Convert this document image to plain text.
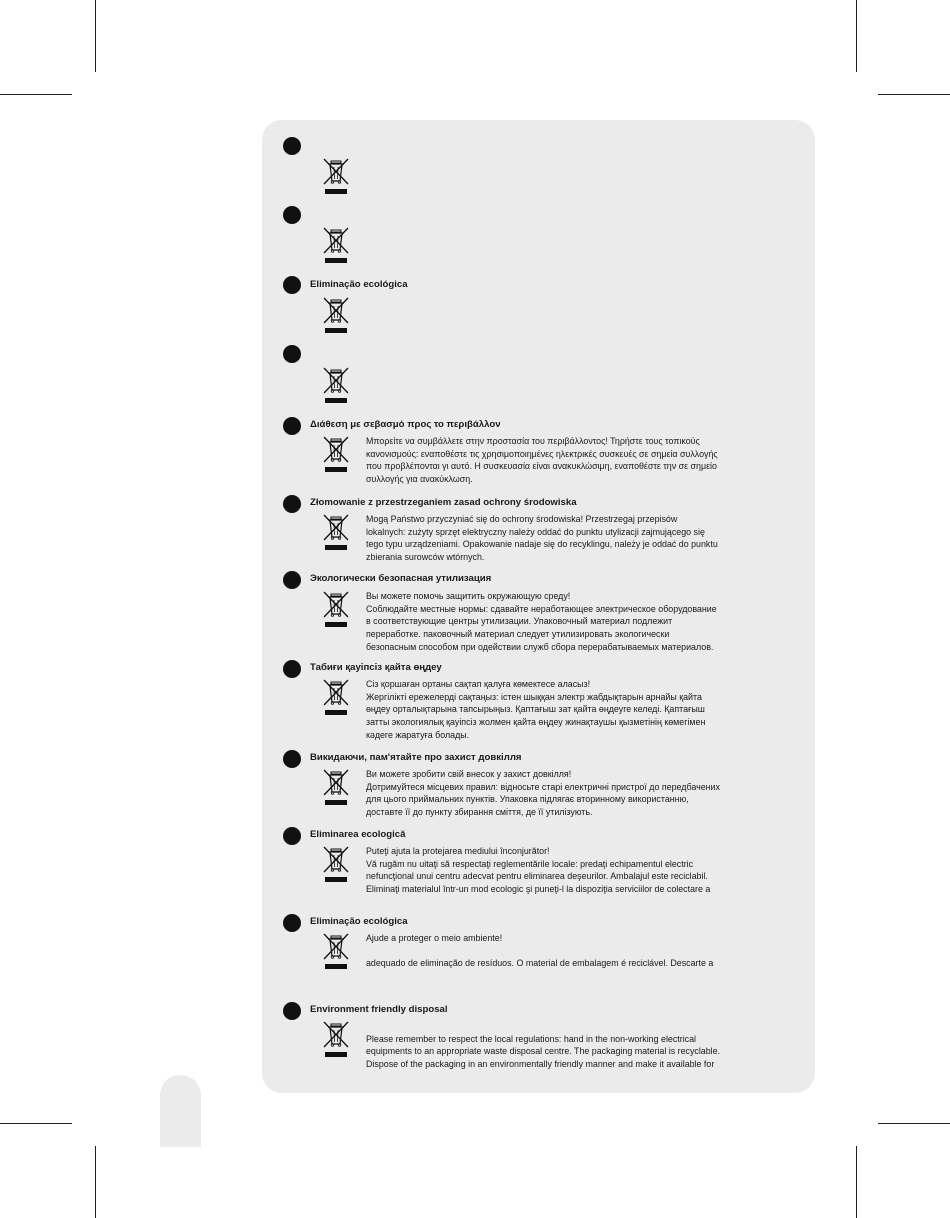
Eliminação ecológica
Διάθεση με σεβασμό προς το περιβάλλον
Μπορείτε να συμβάλλετε στην προστασία του περιβάλλοντος! Τηρήστε τους τοπικούς
κανονισμούς: εναποθέστε τις χρησιμοποιημένες ηλεκτρικές συσκευές σε σημεία συλλογής
που προβλέπονται γι αυτό. Η συσκευασία είναι ανακυκλώσιμη, εναποθέστε την σε σημείο
συλλογής για ανακύκλωση.
Złomowanie z przestrzeganiem zasad ochrony środowiska
Mogą Państwo przyczyniać się do ochrony środowiska! Przestrzegaj przepisów
lokalnych: zużyty sprzęt elektryczny należy oddać do punktu utylizacji zajmującego się
tego typu urządzeniami. Opakowanie nadaje się do recyklingu, należy je oddać do punktu
zbierania surowców wtórnych.
Экологически безопасная утилизация
Вы можете помочь защитить окружающую среду!
Соблюдайте местные нормы: сдавайте неработающее электрическое оборудование
в соответствующие центры утилизации. Упаковочный материал подлежит
переработке. паковочный материал следует утилизировать экологически
безопасным способом при одействии служб сбора перерабатываемых материалов.
Табиғи қауіпсіз қайта өңдеу
Сіз қоршаған ортаны сақтап қалуға көмектесе аласыз!
Жергілікті ережелерді сақтаңыз: істен шыққан электр жабдықтарын арнайы қайта
өңдеу орталықтарына тапсырыңыз. Қаптағыш зат қайта өңдеуге келеді. Қаптағыш
затты экологиялық қауіпсіз жолмен қайта өңдеу жинақтаушы қызметінің көмегімен
кәдеге жаратуға болады.
Викидаючи, пам'ятайте про захист довкілля
Ви можете зробити свій внесок у захист довкілля!
Дотримуйтеся місцевих правил: відносьте старі електричні пристрої до передбачених
для цього приймальних пунктів. Упаковка підлягає вторинному використанню,
доставте її до пункту збирання сміття, де її утилізують.
Eliminarea ecologică
Puteţi ajuta la protejarea mediului înconjurător!
Vă rugăm nu uitaţi să respectaţi reglementările locale: predaţi echipamentul electric
nefuncţional unui centru adecvat pentru eliminarea deşeurilor. Ambalajul este reciclabil.
Eliminaţi materialul într-un mod ecologic şi puneţi-l la dispoziţia serviciilor de colectare a
Eliminação ecológica
Ajude a proteger o meio ambiente!
adequado de eliminação de resíduos. O material de embalagem é reciclável. Descarte a
Environment friendly disposal
Please remember to respect the local regulations: hand in the non-working electrical
equipments to an appropriate waste disposal centre. The packaging material is recyclable.
Dispose of the packaging in an environmentally friendly manner and make it available for
